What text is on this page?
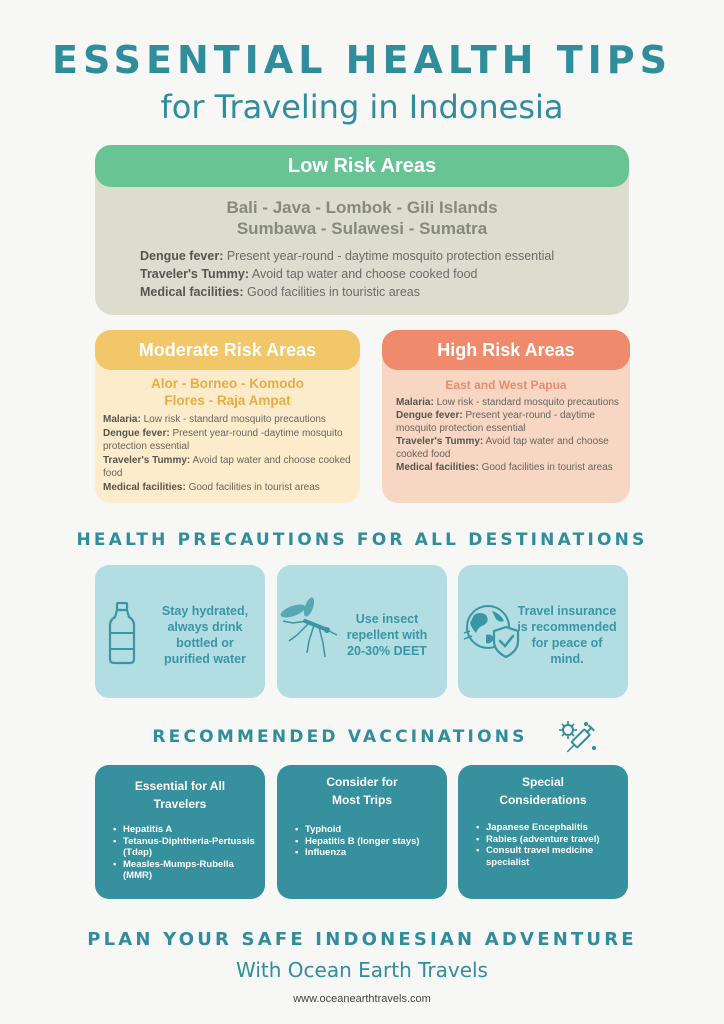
ESSENTIAL HEALTH TIPS
for Traveling in Indonesia
Low Risk Areas
Bali - Java - Lombok - Gili Islands
Sumbawa - Sulawesi - Sumatra
Dengue fever: Present year-round - daytime mosquito protection essential
Traveler's Tummy: Avoid tap water and choose cooked food
Medical facilities: Good facilities in touristic areas
Moderate Risk Areas
Alor - Borneo - Komodo
Flores - Raja Ampat
Malaria: Low risk - standard mosquito precautions
Dengue fever: Present year-round -daytime mosquito protection essential
Traveler's Tummy: Avoid tap water and choose cooked food
Medical facilities: Good facilities in tourist areas
High Risk Areas
East and West Papua
Malaria: Low risk - standard mosquito precautions
Dengue fever: Present year-round - daytime mosquito protection essential
Traveler's Tummy: Avoid tap water and choose cooked food
Medical facilities: Good facilities in tourist areas
HEALTH PRECAUTIONS FOR ALL DESTINATIONS
Stay hydrated,
always drink
bottled or
purified water
Use insect
repellent with
20-30% DEET
Travel insurance
is recommended
for peace of
mind.
RECOMMENDED VACCINATIONS
Essential for All
Travelers
• Hepatitis A
• Tetanus-Diphtheria-Pertussis (Tdap)
• Measles-Mumps-Rubella (MMR)
Consider for
Most Trips
• Typhoid
• Hepatitis B (longer stays)
• Influenza
Special
Considerations
• Japanese Encephalitis
• Rabies (adventure travel)
• Consult travel medicine specialist
PLAN YOUR SAFE INDONESIAN ADVENTURE
With Ocean Earth Travels
www.oceanearthtravels.com
